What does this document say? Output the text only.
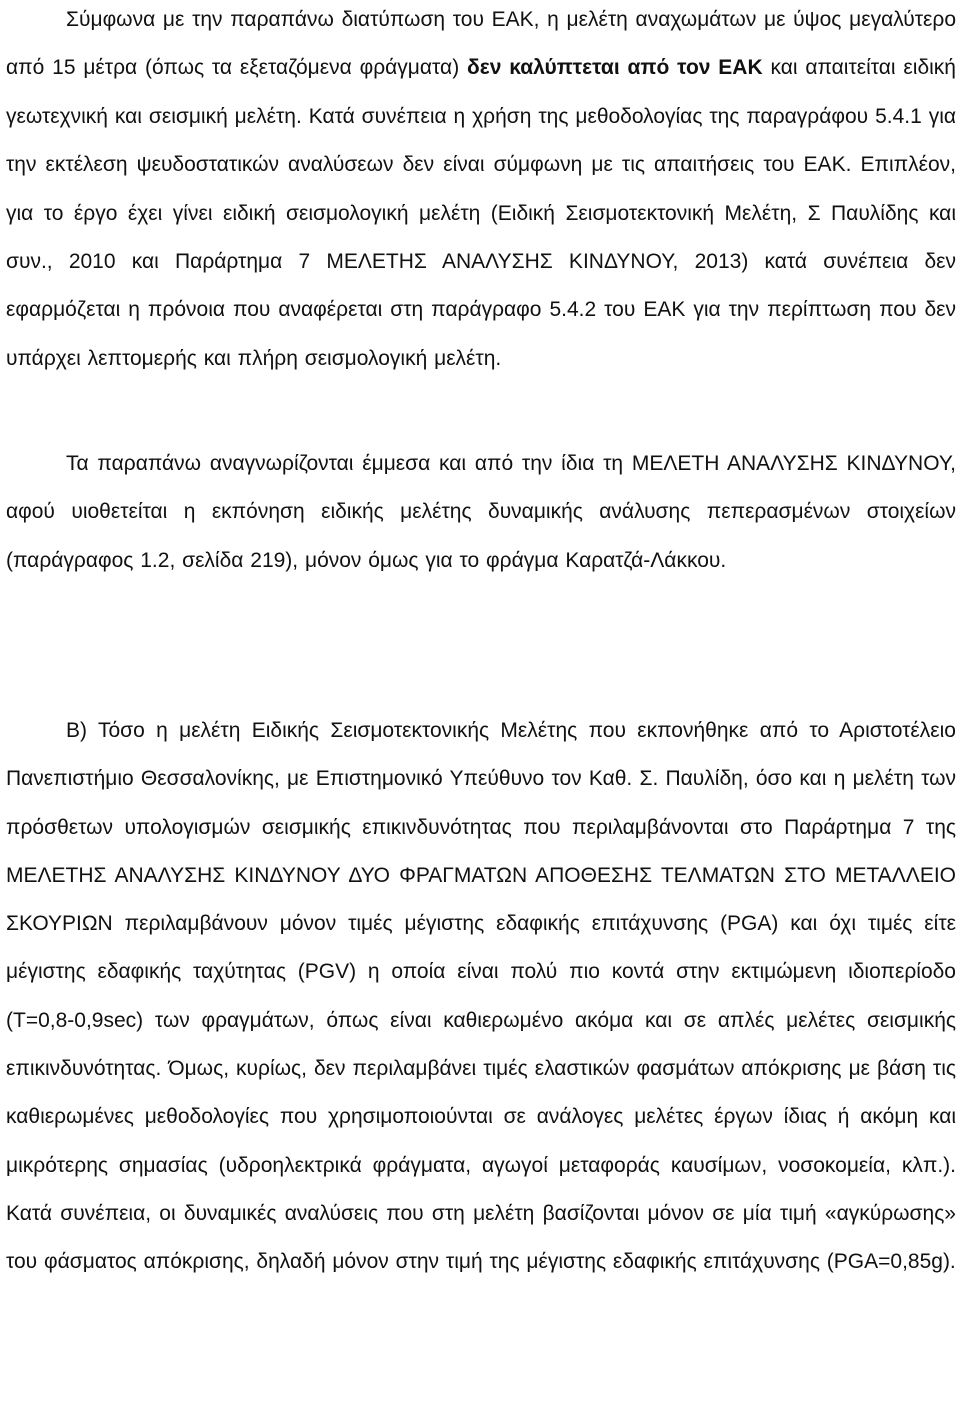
Σύμφωνα με την παραπάνω διατύπωση του ΕΑΚ, η μελέτη αναχωμάτων με ύψος μεγαλύτερο από 15 μέτρα (όπως τα εξεταζόμενα φράγματα) δεν καλύπτεται από τον ΕΑΚ και απαιτείται ειδική γεωτεχνική και σεισμική μελέτη. Κατά συνέπεια η χρήση της μεθοδολογίας της παραγράφου 5.4.1 για την εκτέλεση ψευδοστατικών αναλύσεων δεν είναι σύμφωνη με τις απαιτήσεις του ΕΑΚ. Επιπλέον, για το έργο έχει γίνει ειδική σεισμολογική μελέτη (Ειδική Σεισμοτεκτονική Μελέτη, Σ Παυλίδης και συν., 2010 και Παράρτημα 7 ΜΕΛΕΤΗΣ ΑΝΑΛΥΣΗΣ ΚΙΝΔΥΝΟΥ, 2013) κατά συνέπεια δεν εφαρμόζεται η πρόνοια που αναφέρεται στη παράγραφο 5.4.2 του ΕΑΚ για την περίπτωση που δεν υπάρχει λεπτομερής και πλήρη σεισμολογική μελέτη.

Τα παραπάνω αναγνωρίζονται έμμεσα και από την ίδια τη ΜΕΛΕΤΗ ΑΝΑΛΥΣΗΣ ΚΙΝΔΥΝΟΥ, αφού υιοθετείται η εκπόνηση ειδικής μελέτης δυναμικής ανάλυσης πεπερασμένων στοιχείων (παράγραφος 1.2, σελίδα 219), μόνον όμως για το φράγμα Καρατζά-Λάκκου.

Β) Τόσο η μελέτη Ειδικής Σεισμοτεκτονικής Μελέτης που εκπονήθηκε από το Αριστοτέλειο Πανεπιστήμιο Θεσσαλονίκης, με Επιστημονικό Υπεύθυνο τον Καθ. Σ. Παυλίδη, όσο και η μελέτη των πρόσθετων υπολογισμών σεισμικής επικινδυνότητας που περιλαμβάνονται στο Παράρτημα 7 της ΜΕΛΕΤΗΣ ΑΝΑΛΥΣΗΣ ΚΙΝΔΥΝΟΥ ΔΥΟ ΦΡΑΓΜΑΤΩΝ ΑΠΟΘΕΣΗΣ ΤΕΛΜΑΤΩΝ ΣΤΟ ΜΕΤΑΛΛΕΙΟ ΣΚΟΥΡΙΩΝ περιλαμβάνουν μόνον τιμές μέγιστης εδαφικής επιτάχυνσης (PGA) και όχι τιμές είτε μέγιστης εδαφικής ταχύτητας (PGV) η οποία είναι πολύ πιο κοντά στην εκτιμώμενη ιδιοπερίοδο (Τ=0,8-0,9sec) των φραγμάτων, όπως είναι καθιερωμένο ακόμα και σε απλές μελέτες σεισμικής επικινδυνότητας. Όμως, κυρίως, δεν περιλαμβάνει τιμές ελαστικών φασμάτων απόκρισης με βάση τις καθιερωμένες μεθοδολογίες που χρησιμοποιούνται σε ανάλογες μελέτες έργων ίδιας ή ακόμη και μικρότερης σημασίας (υδροηλεκτρικά φράγματα, αγωγοί μεταφοράς καυσίμων, νοσοκομεία, κλπ.). Κατά συνέπεια, οι δυναμικές αναλύσεις που στη μελέτη βασίζονται μόνον σε μία τιμή «αγκύρωσης» του φάσματος απόκρισης, δηλαδή μόνον στην τιμή της μέγιστης εδαφικής επιτάχυνσης (PGA=0,85g).
